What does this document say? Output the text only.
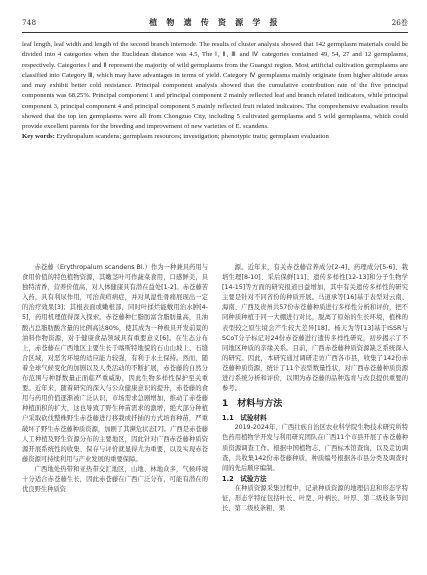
748	植 物 遗 传 资 源 学 报	26卷
leaf length, leaf width and length of the second branch internode. The results of cluster analysis showed that 142 germplasm materials could be divided into 4 categories when the Euclidean distance was 4.5, The Ⅰ, Ⅱ, Ⅲ and Ⅳ categories contained 49, 54, 27 and 12 germplasms, respectively. Categories Ⅰ and Ⅱ represent the majority of wild germplasms from the Guangxi region. Most artificial cultivation germplasms are classified into Category Ⅲ, which may have advantages in terms of yield. Category Ⅳ germplasms mainly originate from higher altitude areas and may exhibit better cold resistance. Principal component analysis showed that the cumulative contribution rate of the five principal components was 68.25%. Principal component 1 and principal component 2 mainly reflected leaf and branch related indicators, while principal component 3, principal component 4 and principal component 5 mainly reflected fruit related indicators. The comprehensive evaluation results showed that the top ten germplasms were all from Chongzuo City, including 5 cultivated germplasms and 5 wild germplasms, which could provide excellent parents for the breeding and improvement of new varieties of E. scandens.
Key words: Erythropalum scandens; germplasm resources; investigation; phenotypic traits; germplasm evaluation

赤苍藤（Erythropalum scandens Bl.）作为一种兼具药用与食用价值的特色植物资源，其嫩茎叶可作蔬菜食用，口感鲜美，具独特清香，营养价值高，对人体健康具有潜在益处[1-2]。赤苍藤苦入药，具有利尿作用，可治黄疸病症，并对风湿性骨痛展现出一定的治疗效果[3]；其根表面或嫩根部，同时叶揉烂能敷用治水肿[4-5]，药用机理值得深入探索。赤苍藤种仁脂肪富含脂肪量高，且油酸占总脂肪酸含量的比例高达80%，使其成为一种极具开发前景的油料作物资源，对于健康食品领域具有重要意义[6]。在生态分布上，赤苍藤在广西地区主要生长于喀斯特地貌的石山山坡上、石缝合区域，对恶劣环境的适应能力较强，有利于水土保持。然而，随着全球气候变化的加剧以及人类活动的不断扩展，赤苍藤的自然分布范围与种群数量正面临严重威胁，因此生物多样性保护至关重要。近年来，随着研究的深入与公众健康意识的提升，赤苍藤的食用与药用价值逐渐被广泛认识，市场需求急剧增加，推动了赤苍藤种植面积的扩大，这也导致了野生种苗需求的激增，绝大部分种植户采取砍伐整株野生赤苍藤进行移栽或扦插的方式培育种苗，严重破坏了野生赤苍藤种质资源，加剧了其濒危状态[7]。广西是赤苍藤人工种植及野生资源分布的主要地区，因此针对广西赤苍藤种质资源开展系统性的收集、保存与评价就显得尤为重要，以及实现赤苍藤资源可持续利用与产业发展的重要保障。

广西地处热带和亚热带交汇地区，山地、林地众多，气候环境十分适合赤苍藤生长，因此赤苍藤在广西广泛分布，可能有潜在的优良野生种质资

源。近年来，有关赤苍藤营养成分[2-4]、药理成分[5-6]、栽培生理[8-10]、采后保鲜[11]、遗传多样性[12-13]和分子生物学[14-15]等方面的研究报道日益增加，其中有关遗传多样性的研究主要是针对不同省份的种质开展。马道承等[16]基于表型对云南、海南、广西及贵州共57份赤苍藤种质进行多样性分析和评价，把不同种质种植于同一大棚进行对比，脱离了原始的生长环境，植株的表型较之原生境会产生较大差异[18]。杨天为等[13]基于ISSR与SCoT分子标记对24份赤苍藤进行遗传多样性研究，初步揭示了不同地区种质的亲缘关系。目前，广西赤苍藤种质资源缺乏系统深入的研究。因此，本研究通过调研走访广西各市县，收集了142份赤苍藤种质资源，统计了11个表型数量性状，对广西赤苍藤种质资源进行系统分析和评价，以期为赤苍藤的品种选育与改良提供重要的参考。

1　材料与方法
1.1　试验材料

2019-2024年，广西壮族自治区农业科学院生物技术研究所特色药用植物学开发与利用研究团队在广西11个市县开展了赤苍藤种质资源调查工作。根据中国植物志、广西标本馆查询，以及走访调查，共收集142份赤苍藤种质，种质编号根据各市县分类及调查时间的先后顺序编制。

1.2　试验方法

在种质资源采集过程中，记录种质资源的地理信息和形态学特征，形态学特征包括叶长、叶宽、叶柄长、叶厚、第二级枝条节间长、第二级枝条粗、果
